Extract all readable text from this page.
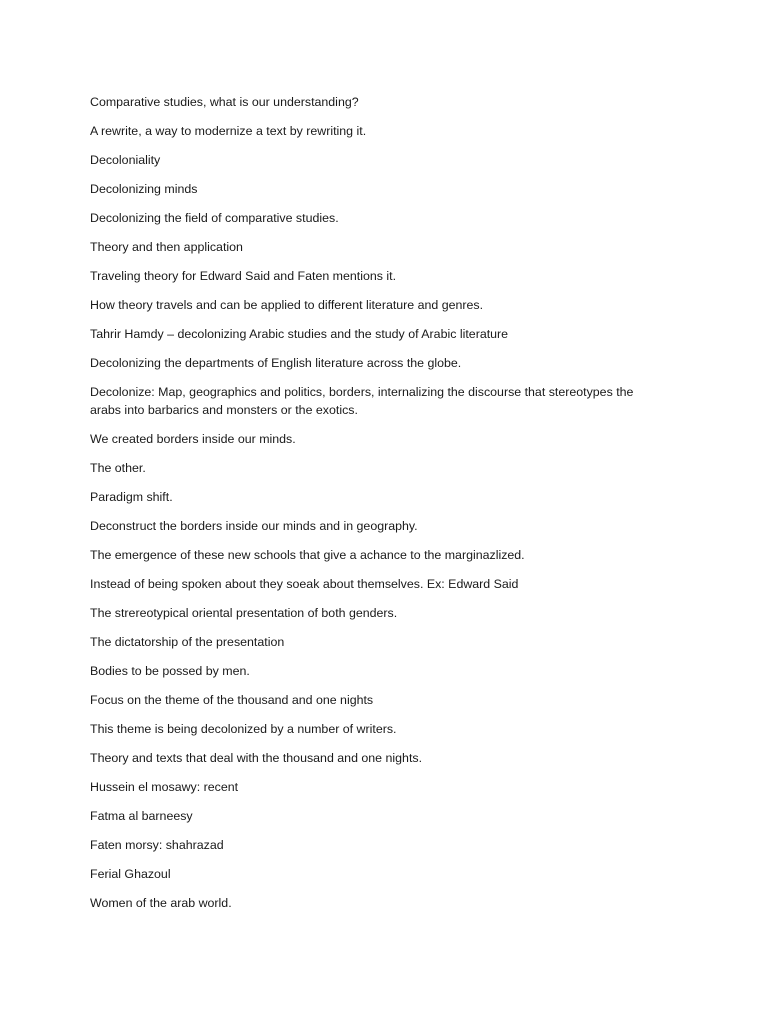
Comparative studies, what is our understanding?

A rewrite, a way to modernize a text by rewriting it.

Decoloniality

Decolonizing minds

Decolonizing the field of comparative studies.

Theory and then application

Traveling theory for Edward Said and Faten mentions it.

How theory travels and can be applied to different literature and genres.

Tahrir Hamdy – decolonizing Arabic studies and the study of Arabic literature

Decolonizing the departments of English literature across the globe.

Decolonize: Map, geographics and politics, borders, internalizing the discourse that stereotypes the arabs into barbarics and monsters or the exotics.

We created borders inside our minds.

The other.

Paradigm shift.

Deconstruct the borders inside our minds and in geography.

The emergence of these new schools that give a achance to the marginazlized.

Instead of being spoken about they soeak about themselves. Ex: Edward Said

The strereotypical oriental presentation of both genders.

The dictatorship of the presentation

Bodies to be possed by men.

Focus on the theme of the thousand and one nights

This theme is being decolonized by a number of writers.

Theory and texts that deal with the thousand and one nights.

Hussein el mosawy: recent

Fatma al barneesy

Faten morsy: shahrazad

Ferial Ghazoul

Women of the arab world.
